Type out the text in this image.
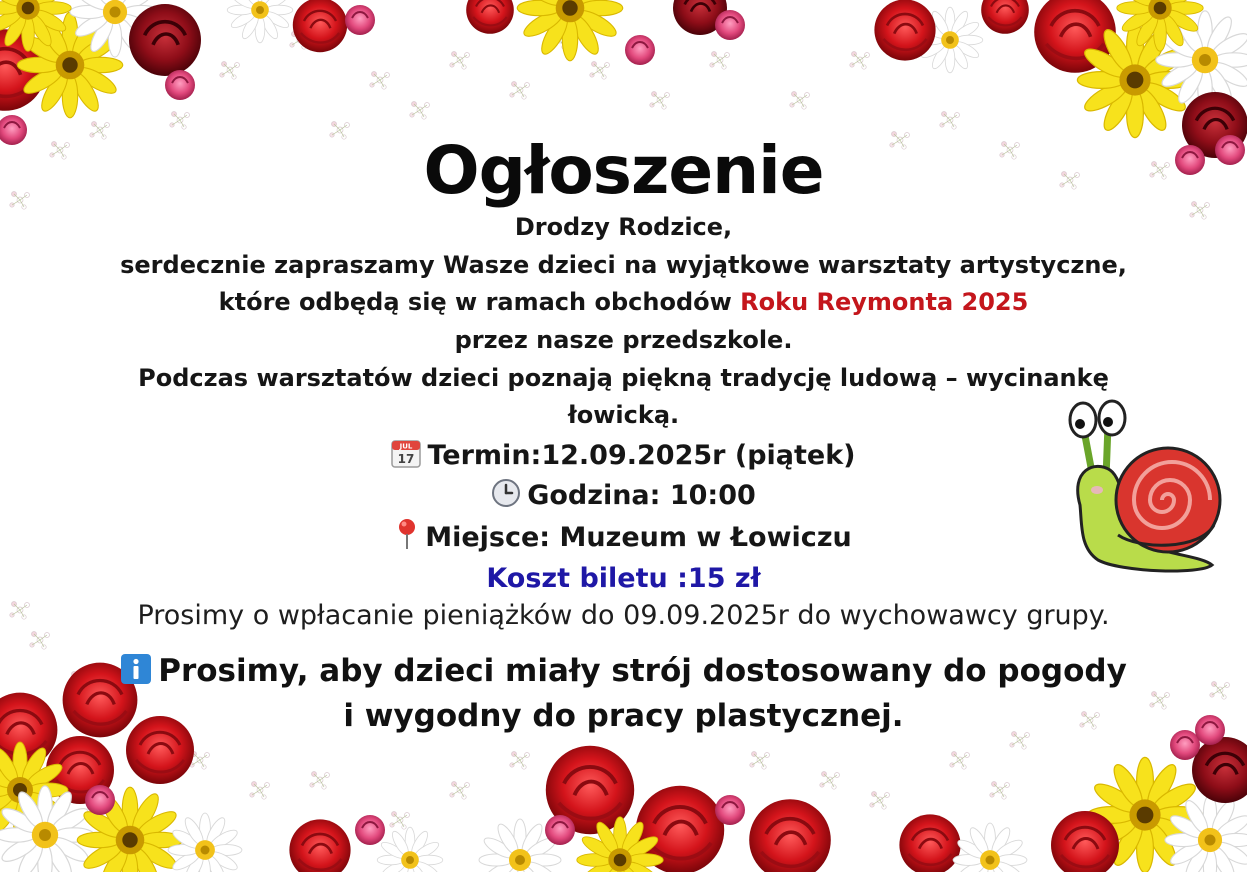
Ogłoszenie
Drodzy Rodzice,
serdecznie zapraszamy Wasze dzieci na wyjątkowe warsztaty artystyczne,
które odbędą się w ramach obchodów Roku Reymonta 2025
przez nasze przedszkole.
Podczas warsztatów dzieci poznają piękną tradycję ludową – wycinankę
łowicką.
JUL
17 Termin:12.09.2025r (piątek)
Godzina: 10:00
Miejsce: Muzeum w Łowiczu
Koszt biletu :15 zł
Prosimy o wpłacanie pieniążków do 09.09.2025r do wychowawcy grupy.
Prosimy, aby dzieci miały strój dostosowany do pogody
i wygodny do pracy plastycznej.
